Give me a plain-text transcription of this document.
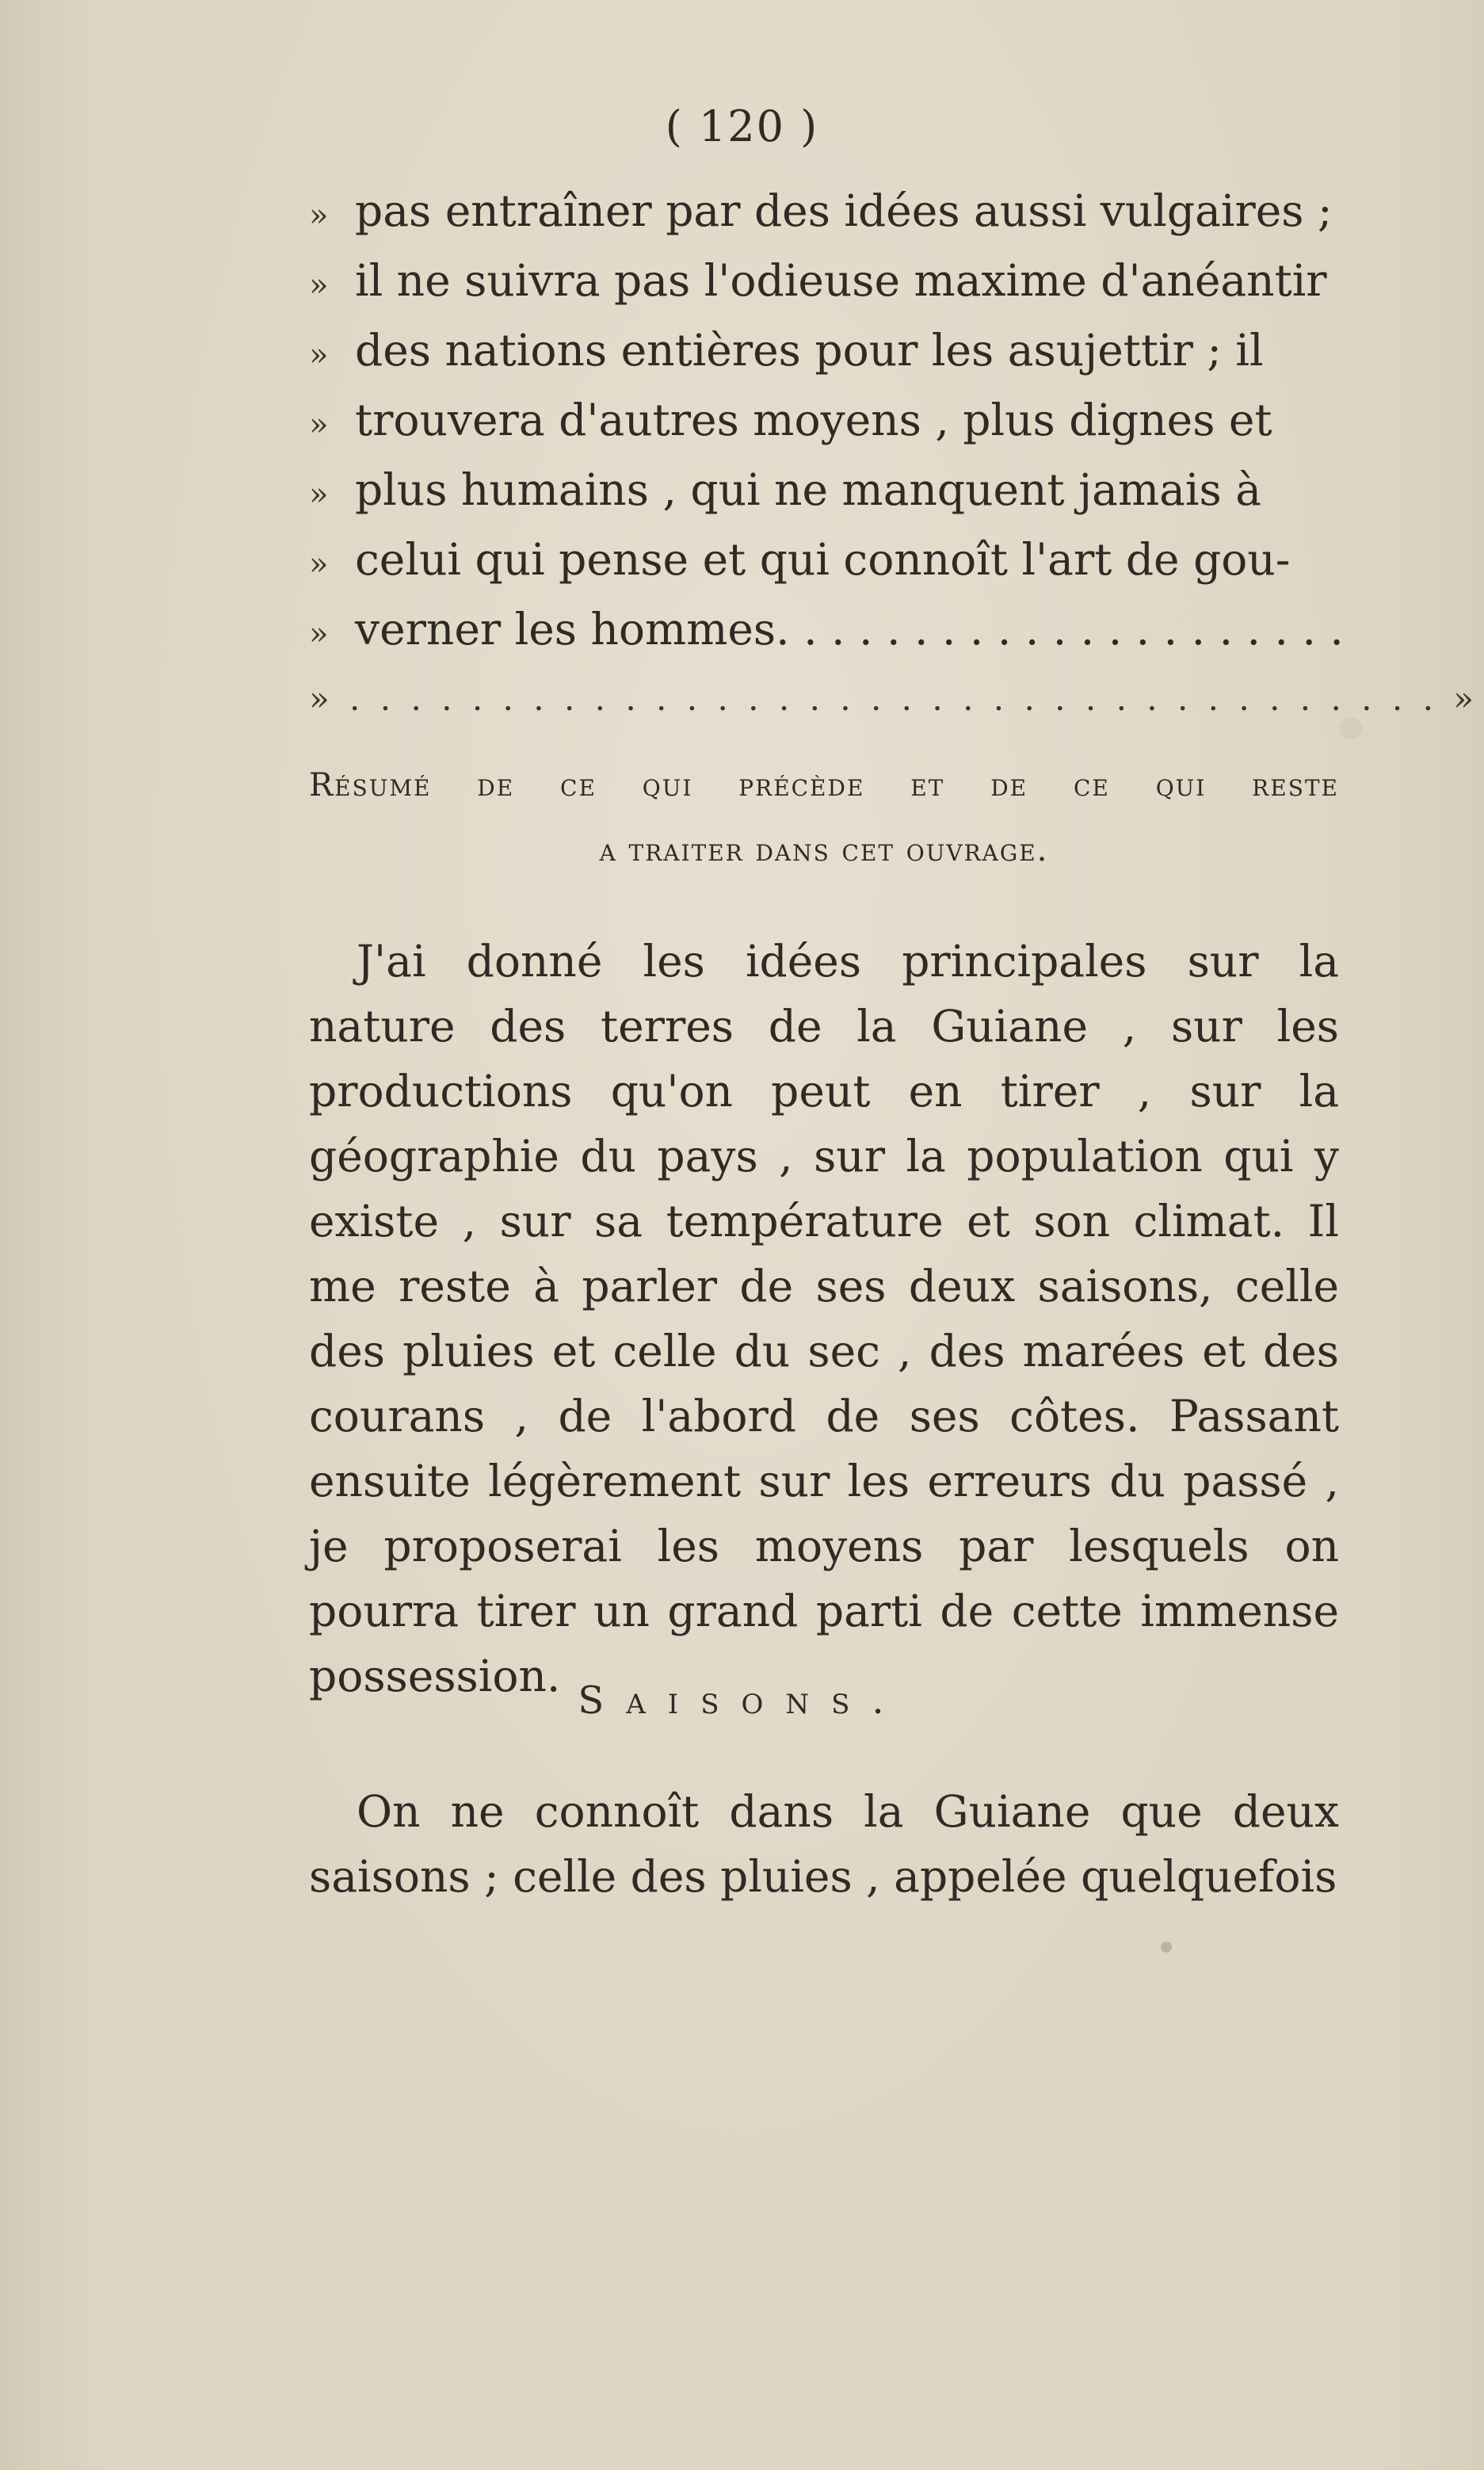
( 120 )
» pas entraîner par des idées aussi vulgaires ;
» il ne suivra pas l'odieuse maxime d'anéantir
» des nations entières pour les asujettir ; il
» trouvera d'autres moyens , plus dignes et
» plus humains , qui ne manquent jamais à
» celui qui pense et qui connoît l'art de gou-
» verner les hommes. . . . . . . . . . . . . . . . . . . . .
» . . . . . . . . . . . . . . . . . . . . . . . . . . . . . . . . . . . . »
Résumé de ce qui précède et de ce qui reste
a traiter dans cet ouvrage.
J'ai donné les idées principales sur la nature des terres de la Guiane , sur les productions qu'on peut en tirer , sur la géographie du pays , sur la population qui y existe , sur sa température et son climat. Il me reste à parler de ses deux saisons, celle des pluies et celle du sec , des marées et des courans , de l'abord de ses côtes. Passant ensuite légèrement sur les erreurs du passé , je proposerai les moyens par lesquels on pourra tirer un grand parti de cette immense possession. Saisons.
On ne connoît dans la Guiane que deux saisons ; celle des pluies , appelée quelquefois
